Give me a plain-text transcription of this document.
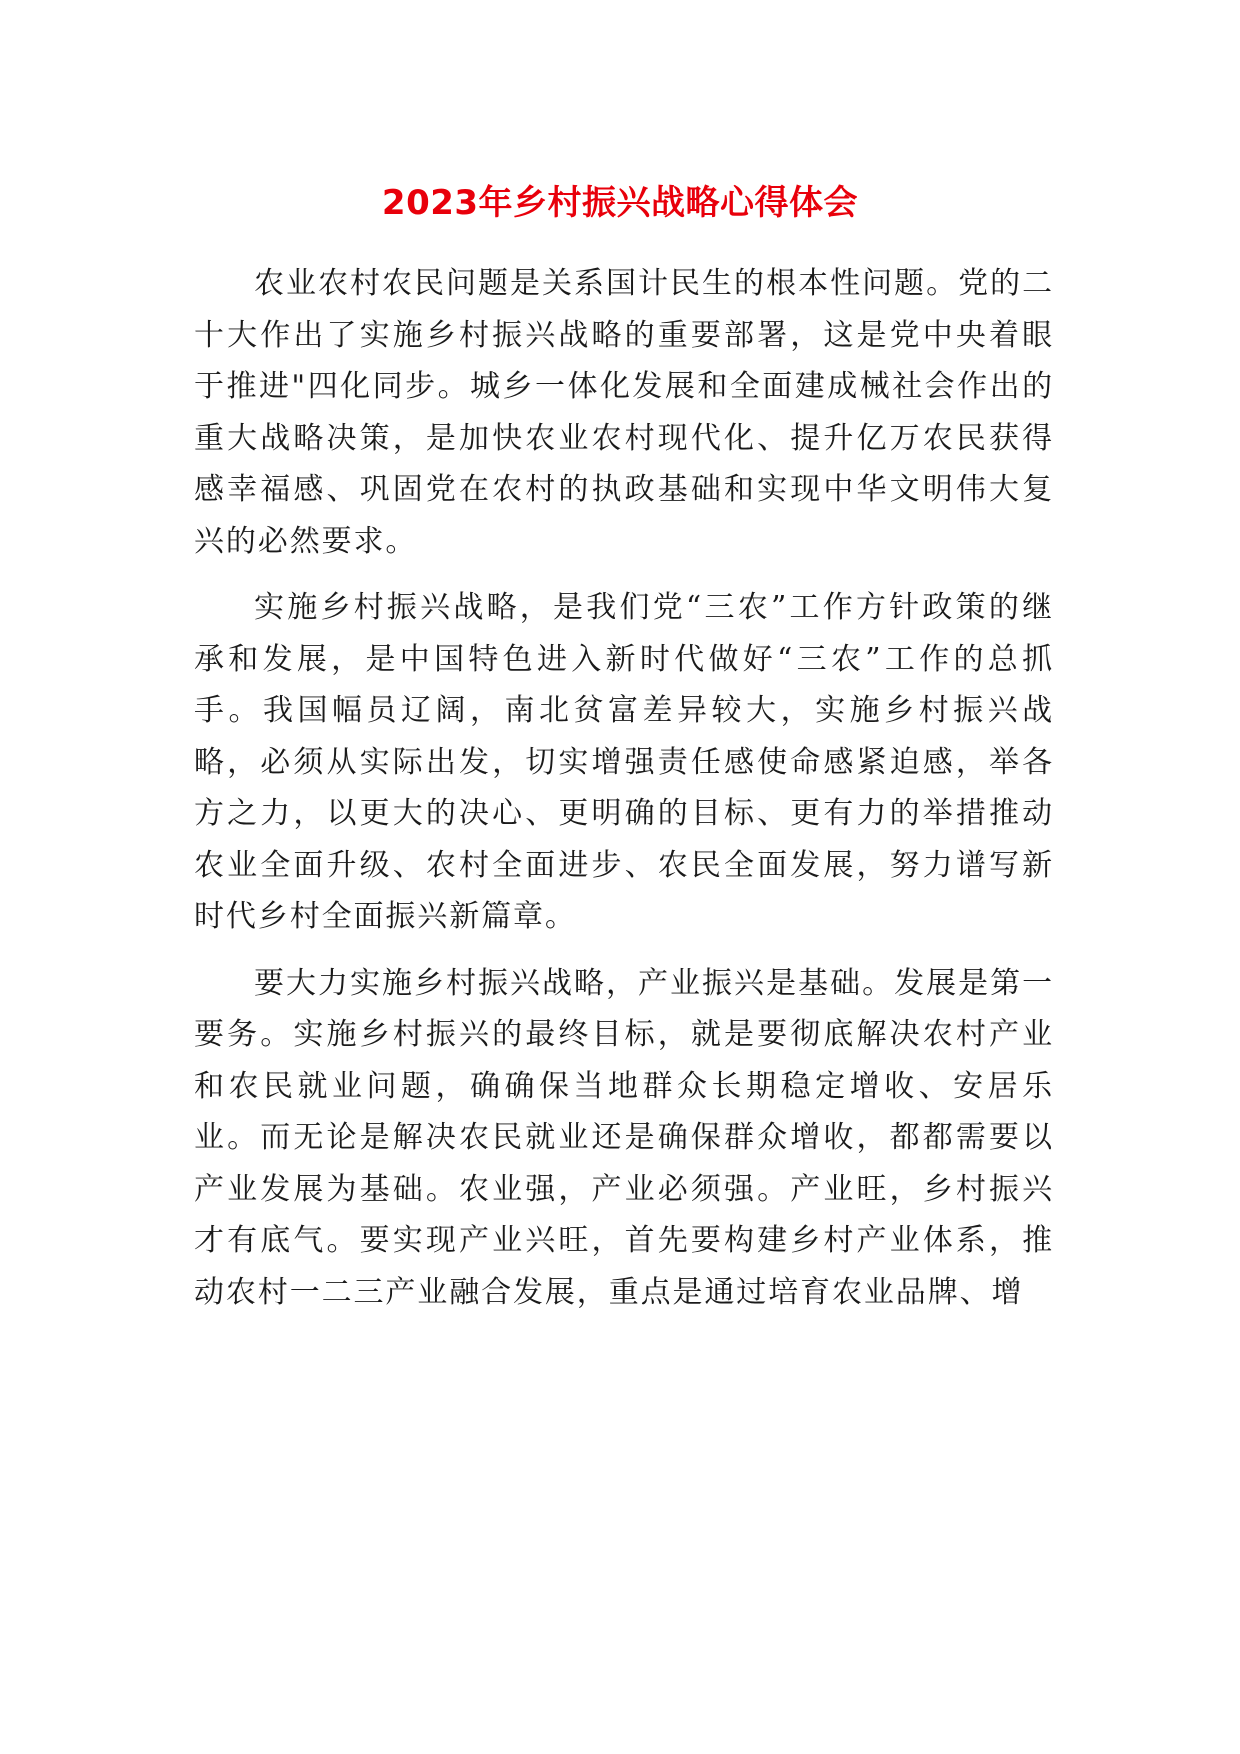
2023年乡村振兴战略心得体会

农业农村农民问题是关系国计民生的根本性问题。党的二十大作出了实施乡村振兴战略的重要部署，这是党中央着眼于推进"四化同步。城乡一体化发展和全面建成械社会作出的重大战略决策，是加快农业农村现代化、提升亿万农民获得感幸福感、巩固党在农村的执政基础和实现中华文明伟大复兴的必然要求。

实施乡村振兴战略，是我们党“三农”工作方针政策的继承和发展，是中国特色进入新时代做好“三农”工作的总抓手。我国幅员辽阔，南北贫富差异较大，实施乡村振兴战略，必须从实际出发，切实增强责任感使命感紧迫感，举各方之力，以更大的决心、更明确的目标、更有力的举措推动农业全面升级、农村全面进步、农民全面发展，努力谱写新时代乡村全面振兴新篇章。

要大力实施乡村振兴战略，产业振兴是基础。发展是第一要务。实施乡村振兴的最终目标，就是要彻底解决农村产业和农民就业问题，确确保当地群众长期稳定增收、安居乐业。而无论是解决农民就业还是确保群众增收，都都需要以产业发展为基础。农业强，产业必须强。产业旺，乡村振兴才有底气。要实现产业兴旺，首先要构建乡村产业体系，推动农村一二三产业融合发展，重点是通过培育农业品牌、增
